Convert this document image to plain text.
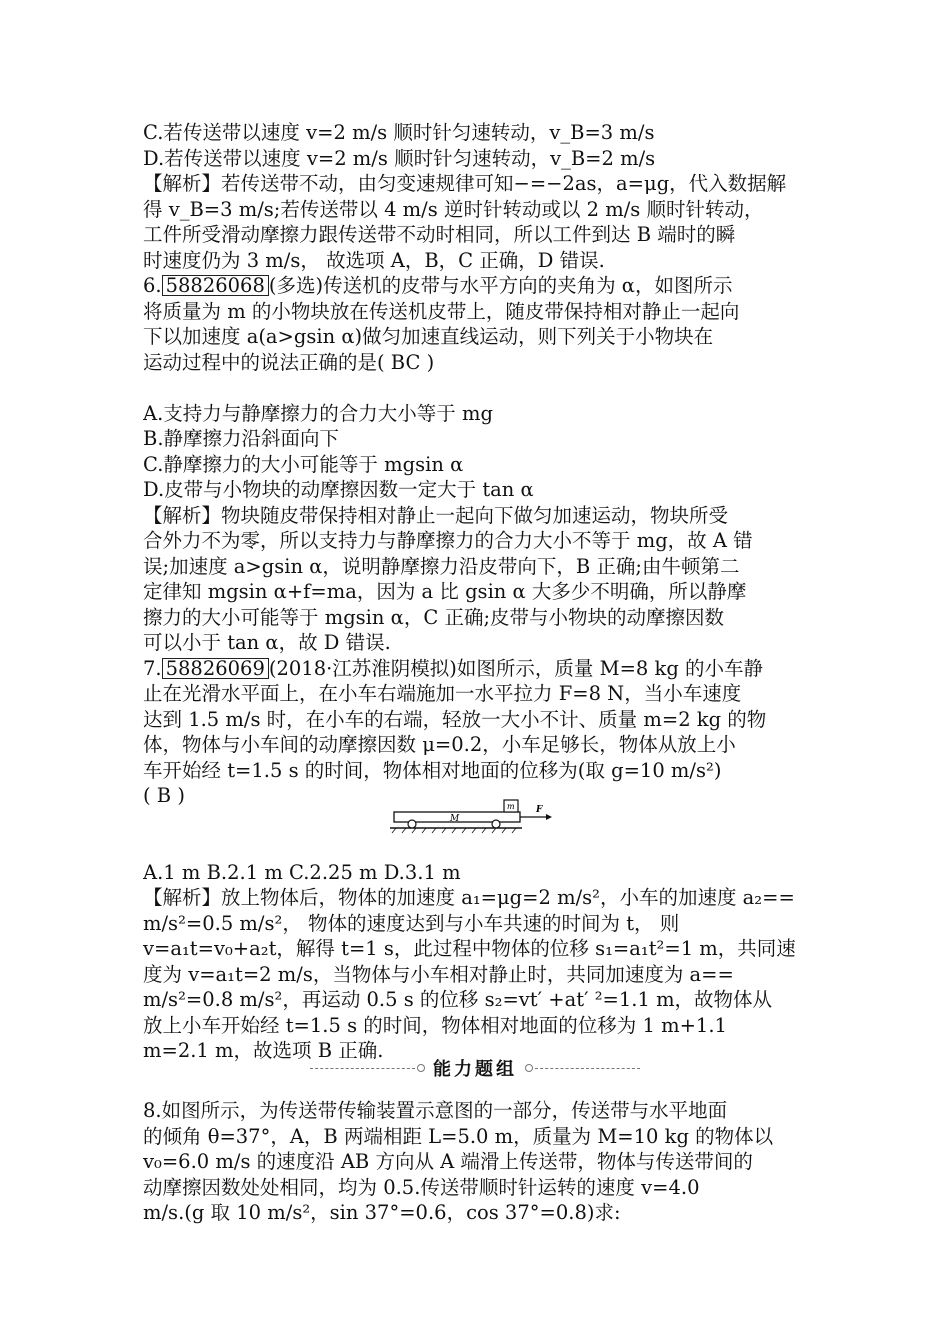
C.若传送带以速度 v=2 m/s 顺时针匀速转动，v_B=3 m/s
D.若传送带以速度 v=2 m/s 顺时针匀速转动，v_B=2 m/s
【解析】若传送带不动，由匀变速规律可知−=−2as，a=μg，代入数据解
得 v_B=3 m/s;若传送带以 4 m/s 逆时针转动或以 2 m/s 顺时针转动，
工件所受滑动摩擦力跟传送带不动时相同，所以工件到达 B 端时的瞬
时速度仍为 3 m/s， 故选项 A，B，C 正确，D 错误.
6. 58826068 (多选)传送机的皮带与水平方向的夹角为 α，如图所示
将质量为 m 的小物块放在传送机皮带上，随皮带保持相对静止一起向
下以加速度 a(a>gsin α)做匀加速直线运动，则下列关于小物块在
运动过程中的说法正确的是( BC )
A.支持力与静摩擦力的合力大小等于 mg
B.静摩擦力沿斜面向下
C.静摩擦力的大小可能等于 mgsin α
D.皮带与小物块的动摩擦因数一定大于 tan α
【解析】物块随皮带保持相对静止一起向下做匀加速运动，物块所受
合外力不为零，所以支持力与静摩擦力的合力大小不等于 mg，故 A 错
误;加速度 a>gsin α，说明静摩擦力沿皮带向下，B 正确;由牛顿第二
定律知 mgsin α+f=ma，因为 a 比 gsin α 大多少不明确，所以静摩
擦力的大小可能等于 mgsin α，C 正确;皮带与小物块的动摩擦因数
可以小于 tan α，故 D 错误.
7. 58826069 (2018·江苏淮阴模拟)如图所示，质量 M=8 kg 的小车静
止在光滑水平面上，在小车右端施加一水平拉力 F=8 N，当小车速度
达到 1.5 m/s 时，在小车的右端，轻放一大小不计、质量 m=2 kg 的物
体，物体与小车间的动摩擦因数 μ=0.2，小车足够长，物体从放上小
车开始经 t=1.5 s 的时间，物体相对地面的位移为(取 g=10 m/s²)
( B )
A.1 m B.2.1 m C.2.25 m D.3.1 m
【解析】放上物体后，物体的加速度 a₁=μg=2 m/s²，小车的加速度 a₂==
m/s²=0.5 m/s²， 物体的速度达到与小车共速的时间为 t， 则
v=a₁t=v₀+a₂t，解得 t=1 s，此过程中物体的位移 s₁=a₁t²=1 m，共同速
度为 v=a₁t=2 m/s，当物体与小车相对静止时，共同加速度为 a==
m/s²=0.8 m/s²，再运动 0.5 s 的位移 s₂=vt′ +at′ ²=1.1 m，故物体从
放上小车开始经 t=1.5 s 的时间，物体相对地面的位移为 1 m+1.1
m=2.1 m，故选项 B 正确.
M
m F
能力题组
8.如图所示，为传送带传输装置示意图的一部分，传送带与水平地面
的倾角 θ=37°，A，B 两端相距 L=5.0 m，质量为 M=10 kg 的物体以
v₀=6.0 m/s 的速度沿 AB 方向从 A 端滑上传送带，物体与传送带间的
动摩擦因数处处相同，均为 0.5.传送带顺时针运转的速度 v=4.0
m/s.(g 取 10 m/s²，sin 37°=0.6，cos 37°=0.8)求:
